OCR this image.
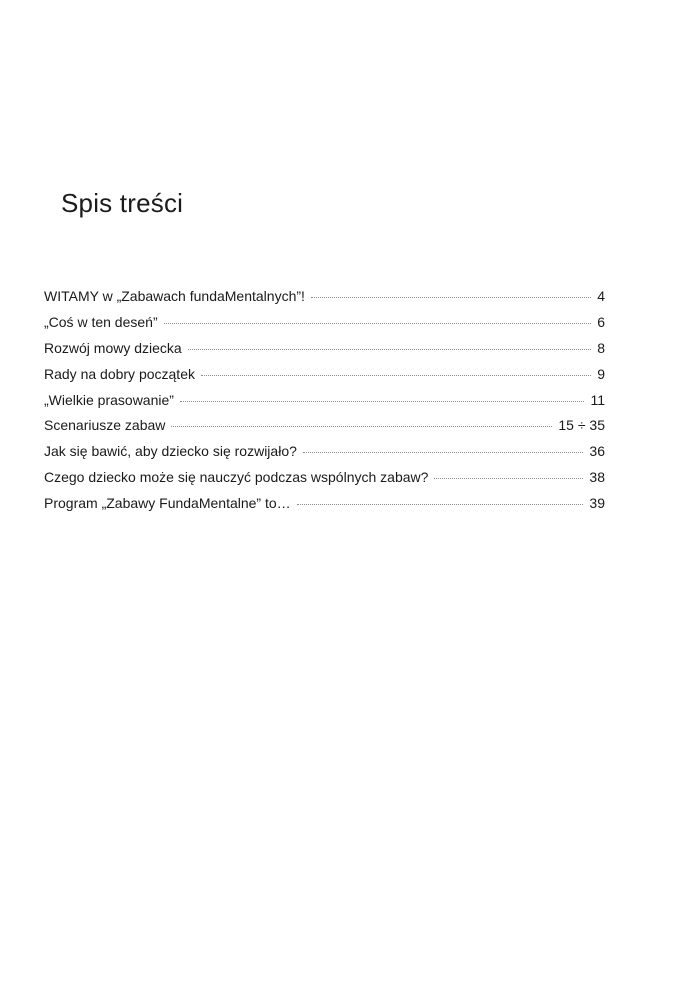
Spis treści
WITAMY w „Zabawach fundaMentalnych”!	4
„Coś w ten deseń”	6
Rozwój mowy dziecka	8
Rady na dobry początek	9
„Wielkie prasowanie”	11
Scenariusze zabaw	15 ÷ 35
Jak się bawić, aby dziecko się rozwijało?	36
Czego dziecko może się nauczyć podczas wspólnych zabaw?	38
Program „Zabawy FundaMentalne” to…	39
